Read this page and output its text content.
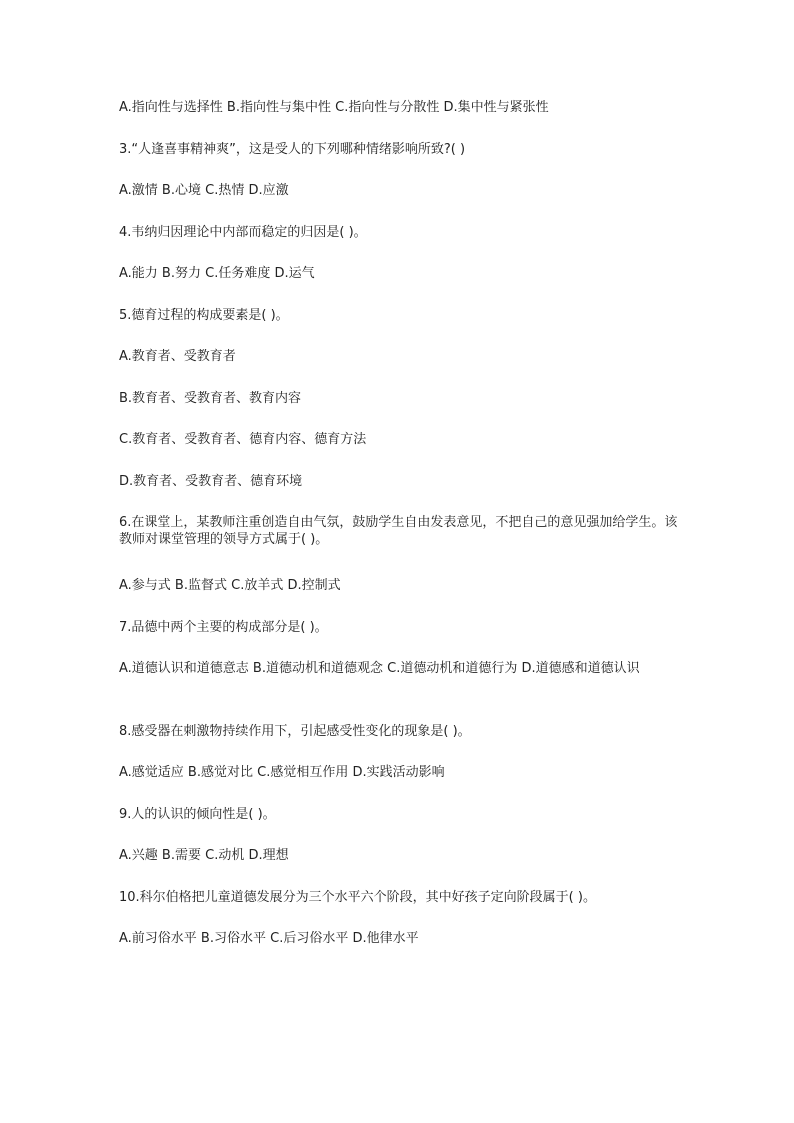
A.指向性与选择性 B.指向性与集中性 C.指向性与分散性 D.集中性与紧张性
3.“人逢喜事精神爽”，这是受人的下列哪种情绪影响所致?( )
A.激情 B.心境 C.热情 D.应激
4.韦纳归因理论中内部而稳定的归因是( )。
A.能力 B.努力 C.任务难度 D.运气
5.德育过程的构成要素是( )。
A.教育者、受教育者
B.教育者、受教育者、教育内容
C.教育者、受教育者、德育内容、德育方法
D.教育者、受教育者、德育环境
6.在课堂上，某教师注重创造自由气氛，鼓励学生自由发表意见，不把自己的意见强加给学生。该教师对课堂管理的领导方式属于( )。
A.参与式 B.监督式 C.放羊式 D.控制式
7.品德中两个主要的构成部分是( )。
A.道德认识和道德意志 B.道德动机和道德观念 C.道德动机和道德行为 D.道德感和道德认识
8.感受器在刺激物持续作用下，引起感受性变化的现象是( )。
A.感觉适应 B.感觉对比 C.感觉相互作用 D.实践活动影响
9.人的认识的倾向性是( )。
A.兴趣 B.需要 C.动机 D.理想
10.科尔伯格把儿童道德发展分为三个水平六个阶段，其中好孩子定向阶段属于( )。
A.前习俗水平 B.习俗水平 C.后习俗水平 D.他律水平
